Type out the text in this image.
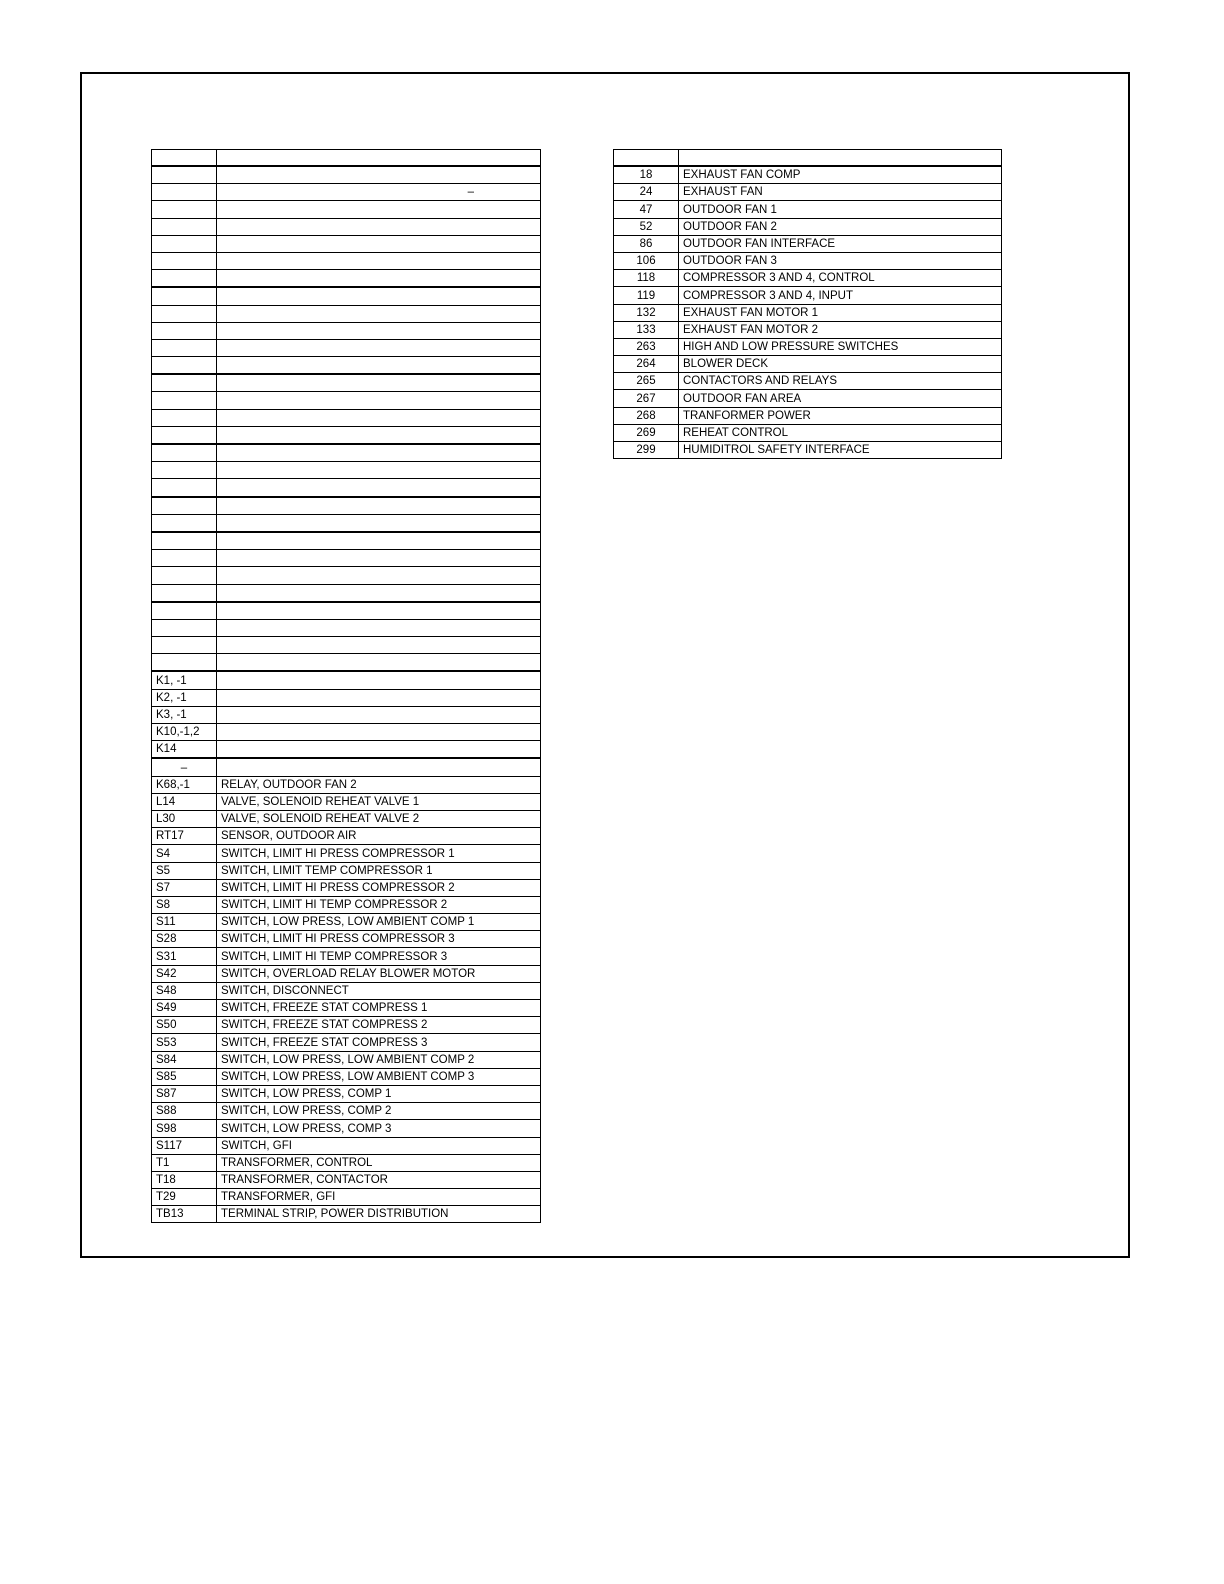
	–

K1, -1	
K2, -1	
K3, -1	
K10,-1,2	
K14	
–	
K68,-1	RELAY, OUTDOOR FAN 2
L14	VALVE, SOLENOID REHEAT VALVE 1
L30	VALVE, SOLENOID REHEAT VALVE 2
RT17	SENSOR, OUTDOOR AIR
S4	SWITCH, LIMIT HI PRESS COMPRESSOR 1
S5	SWITCH, LIMIT TEMP COMPRESSOR 1
S7	SWITCH, LIMIT HI PRESS COMPRESSOR 2
S8	SWITCH, LIMIT HI TEMP COMPRESSOR 2
S11	SWITCH, LOW PRESS, LOW AMBIENT COMP 1
S28	SWITCH, LIMIT HI PRESS COMPRESSOR 3
S31	SWITCH, LIMIT HI TEMP COMPRESSOR 3
S42	SWITCH, OVERLOAD RELAY BLOWER MOTOR
S48	SWITCH, DISCONNECT
S49	SWITCH, FREEZE STAT COMPRESS 1
S50	SWITCH, FREEZE STAT COMPRESS 2
S53	SWITCH, FREEZE STAT COMPRESS 3
S84	SWITCH, LOW PRESS, LOW AMBIENT COMP 2
S85	SWITCH, LOW PRESS, LOW AMBIENT COMP 3
S87	SWITCH, LOW PRESS, COMP 1
S88	SWITCH, LOW PRESS, COMP 2
S98	SWITCH, LOW PRESS, COMP 3
S117	SWITCH, GFI
T1	TRANSFORMER, CONTROL
T18	TRANSFORMER, CONTACTOR
T29	TRANSFORMER, GFI
TB13	TERMINAL STRIP, POWER DISTRIBUTION

18	EXHAUST FAN COMP
24	EXHAUST FAN
47	OUTDOOR FAN 1
52	OUTDOOR FAN 2
86	OUTDOOR FAN INTERFACE
106	OUTDOOR FAN 3
118	COMPRESSOR 3 AND 4, CONTROL
119	COMPRESSOR 3 AND 4, INPUT
132	EXHAUST FAN MOTOR 1
133	EXHAUST FAN MOTOR 2
263	HIGH AND LOW PRESSURE SWITCHES
264	BLOWER DECK
265	CONTACTORS AND RELAYS
267	OUTDOOR FAN AREA
268	TRANFORMER POWER
269	REHEAT CONTROL
299	HUMIDITROL SAFETY INTERFACE
